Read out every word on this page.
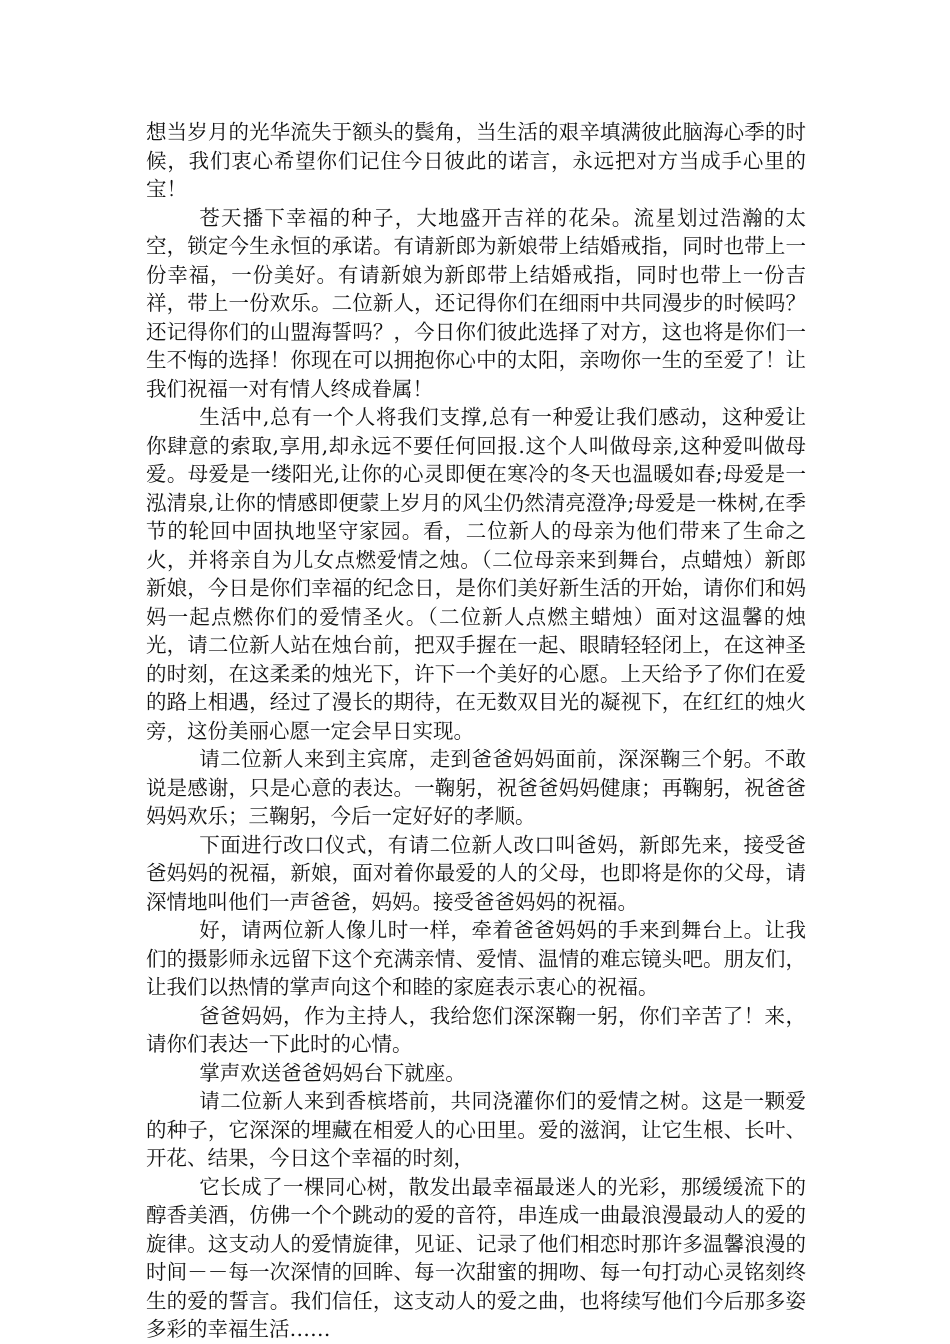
想当岁月的光华流失于额头的鬓角，当生活的艰辛填满彼此脑海心季的时候，我们衷心希望你们记住今日彼此的诺言，永远把对方当成手心里的宝！

苍天播下幸福的种子，大地盛开吉祥的花朵。流星划过浩瀚的太空，锁定今生永恒的承诺。有请新郎为新娘带上结婚戒指，同时也带上一份幸福，一份美好。有请新娘为新郎带上结婚戒指，同时也带上一份吉祥，带上一份欢乐。二位新人，还记得你们在细雨中共同漫步的时候吗？还记得你们的山盟海誓吗？，今日你们彼此选择了对方，这也将是你们一生不悔的选择！你现在可以拥抱你心中的太阳，亲吻你一生的至爱了！让我们祝福一对有情人终成眷属！

生活中,总有一个人将我们支撑,总有一种爱让我们感动，这种爱让你肆意的索取,享用,却永远不要任何回报.这个人叫做母亲,这种爱叫做母爱。母爱是一缕阳光,让你的心灵即便在寒冷的冬天也温暖如春;母爱是一泓清泉,让你的情感即便蒙上岁月的风尘仍然清亮澄净;母爱是一株树,在季节的轮回中固执地坚守家园。看，二位新人的母亲为他们带来了生命之火，并将亲自为儿女点燃爱情之烛。（二位母亲来到舞台，点蜡烛）新郎新娘，今日是你们幸福的纪念日，是你们美好新生活的开始，请你们和妈妈一起点燃你们的爱情圣火。（二位新人点燃主蜡烛）面对这温馨的烛光，请二位新人站在烛台前，把双手握在一起、眼睛轻轻闭上，在这神圣的时刻，在这柔柔的烛光下，许下一个美好的心愿。上天给予了你们在爱的路上相遇，经过了漫长的期待，在无数双目光的凝视下，在红红的烛火旁，这份美丽心愿一定会早日实现。

请二位新人来到主宾席，走到爸爸妈妈面前，深深鞠三个躬。不敢说是感谢，只是心意的表达。一鞠躬，祝爸爸妈妈健康；再鞠躬，祝爸爸妈妈欢乐；三鞠躬，今后一定好好的孝顺。

下面进行改口仪式，有请二位新人改口叫爸妈，新郎先来，接受爸爸妈妈的祝福，新娘，面对着你最爱的人的父母，也即将是你的父母，请深情地叫他们一声爸爸，妈妈。接受爸爸妈妈的祝福。

好，请两位新人像儿时一样，牵着爸爸妈妈的手来到舞台上。让我们的摄影师永远留下这个充满亲情、爱情、温情的难忘镜头吧。朋友们，让我们以热情的掌声向这个和睦的家庭表示衷心的祝福。

爸爸妈妈，作为主持人，我给您们深深鞠一躬，你们辛苦了！来，请你们表达一下此时的心情。

掌声欢送爸爸妈妈台下就座。

请二位新人来到香槟塔前，共同浇灌你们的爱情之树。这是一颗爱的种子，它深深的埋藏在相爱人的心田里。爱的滋润，让它生根、长叶、开花、结果，今日这个幸福的时刻，

它长成了一棵同心树，散发出最幸福最迷人的光彩，那缓缓流下的醇香美酒，仿佛一个个跳动的爱的音符，串连成一曲最浪漫最动人的爱的旋律。这支动人的爱情旋律，见证、记录了他们相恋时那许多温馨浪漫的时间－－每一次深情的回眸、每一次甜蜜的拥吻、每一句打动心灵铭刻终生的爱的誓言。我们信任，这支动人的爱之曲，也将续写他们今后那多姿多彩的幸福生活……
